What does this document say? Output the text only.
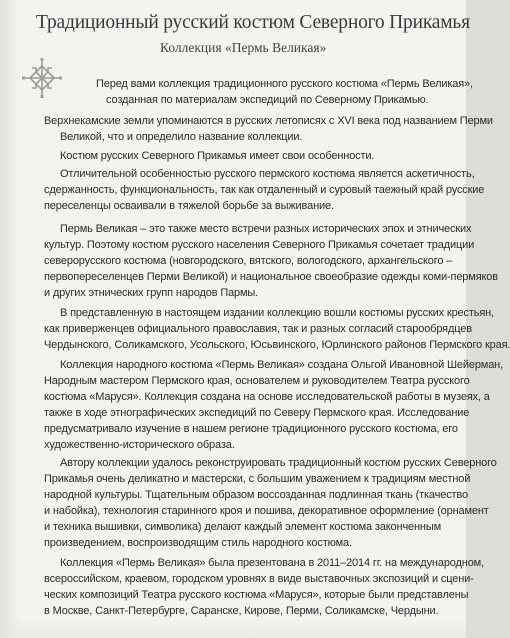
Традиционный русский костюм Северного Прикамья
Коллекция «Пермь Великая»
Перед вами коллекция традиционного русского костюма «Пермь Великая»,
созданная по материалам экспедиций по Северному Прикамью.
Верхнекамские земли упоминаются в русских летописях с XVI века под названием Перми
Великой, что и определило название коллекции.
Костюм русских Северного Прикамья имеет свои особенности.
Отличительной особенностью русского пермского костюма является аскетичность,
сдержанность, функциональность, так как отдаленный и суровый таежный край русские
переселенцы осваивали в тяжелой борьбе за выживание.
Пермь Великая – это также место встречи разных исторических эпох и этнических
культур. Поэтому костюм русского населения Северного Прикамья сочетает традиции
северорусского костюма (новгородского, вятского, вологодского, архангельского –
первопереселенцев Перми Великой) и национальное своеобразие одежды коми-пермяков
и других этнических групп народов Пармы.
В представленную в настоящем издании коллекцию вошли костюмы русских крестьян,
как приверженцев официального православия, так и разных согласий старообрядцев
Чердынского, Соликамского, Усольского, Юсьвинского, Юрлинского районов Пермского края.
Коллекция народного костюма «Пермь Великая» создана Ольгой Ивановной Шейерман,
Народным мастером Пермского края, основателем и руководителем Театра русского
костюма «Маруся». Коллекция создана на основе исследовательской работы в музеях, а
также в ходе этнографических экспедиций по Северу Пермского края. Исследование
предусматривало изучение в нашем регионе традиционного русского костюма, его
художественно-исторического образа.
Автору коллекции удалось реконструировать традиционный костюм русских Северного
Прикамья очень деликатно и мастерски, с большим уважением к традициям местной
народной культуры. Тщательным образом воссозданная подлинная ткань (ткачество
и набойка), технология старинного кроя и пошива, декоративное оформление (орнамент
и техника вышивки, символика) делают каждый элемент костюма законченным
произведением, воспроизводящим стиль народного костюма.
Коллекция «Пермь Великая» была презентована в 2011–2014 гг. на международном,
всероссийском, краевом, городском уровнях в виде выставочных экспозиций и сцени-
ческих композиций Театра русского костюма «Маруся», которые были представлены
в Москве, Санкт-Петербурге, Саранске, Кирове, Перми, Соликамске, Чердыни.
